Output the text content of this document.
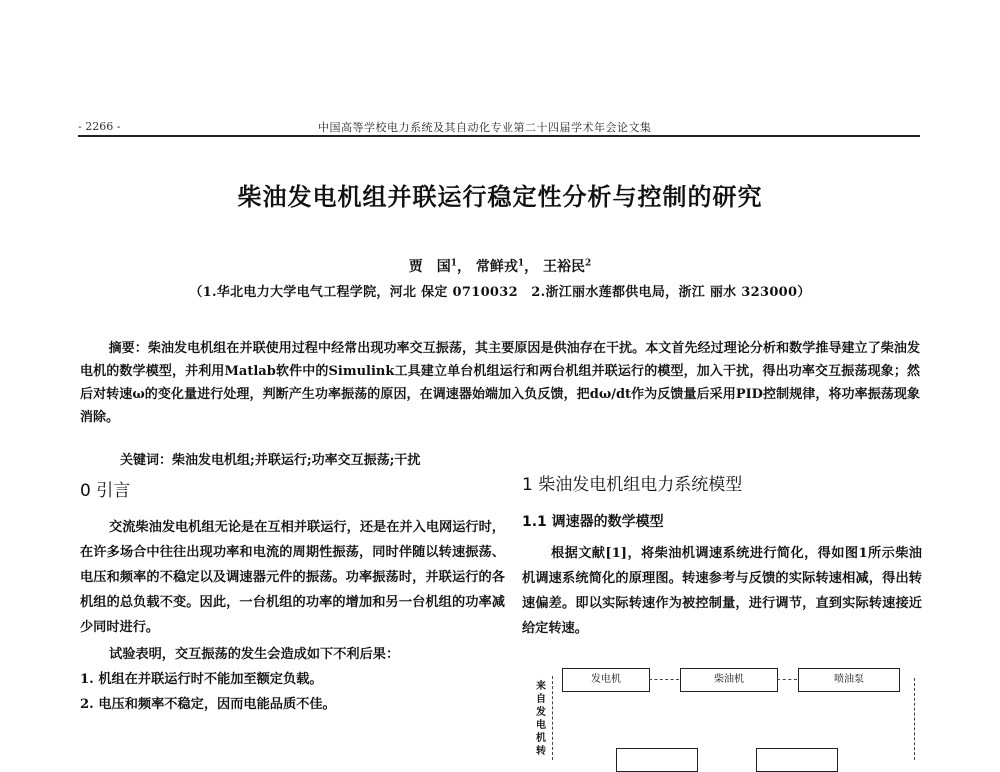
- 2266 -	中国高等学校电力系统及其自动化专业第二十四届学术年会论文集
柴油发电机组并联运行稳定性分析与控制的研究
贾　国$^1$， 常鲜戎$^1$， 王裕民$^2$
（1.华北电力大学电气工程学院，河北 保定 0710032　2.浙江丽水莲都供电局，浙江 丽水 323000）

摘要：柴油发电机组在并联使用过程中经常出现功率交互振荡，其主要原因是供油存在干扰。本文首先经过理论分析和数学推导建立了柴油发电机的数学模型，并利用Matlab软件中的Simulink工具建立单台机组运行和两台机组并联运行的模型，加入干扰，得出功率交互振荡现象；然后对转速ω的变化量进行处理，判断产生功率振荡的原因，在调速器始端加入负反馈，把dω/dt作为反馈量后采用PID控制规律，将功率振荡现象消除。

关键词：柴油发电机组;并联运行;功率交互振荡;干扰

0 引言

交流柴油发电机组无论是在互相并联运行，还是在并入电网运行时，在许多场合中往往出现功率和电流的周期性振荡，同时伴随以转速振荡、电压和频率的不稳定以及调速器元件的振荡。功率振荡时，并联运行的各机组的总负载不变。因此，一台机组的功率的增加和另一台机组的功率减少同时进行。

试验表明，交互振荡的发生会造成如下不利后果：

1. 机组在并联运行时不能加至额定负载。

2. 电压和频率不稳定，因而电能品质不佳。

1 柴油发电机组电力系统模型

1.1 调速器的数学模型

根据文献[1]，将柴油机调速系统进行简化，得如图1所示柴油机调速系统简化的原理图。转速参考与反馈的实际转速相减，得出转速偏差。即以实际转速作为被控制量，进行调节，直到实际转速接近给定转速。

来自发电机转
发电机	柴油机	喷油泵
